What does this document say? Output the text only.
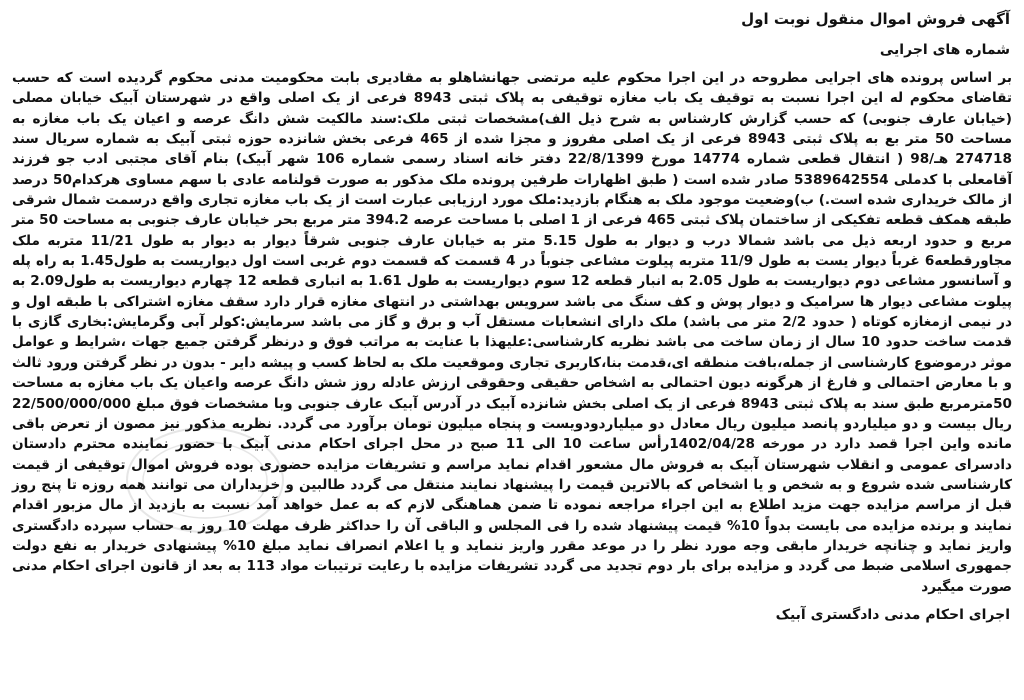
آگهی فروش اموال منقول نوبت اول
شماره های اجرایی
بر اساس پرونده های اجرایی مطروحه در این اجرا محکوم علیه مرتضی جهانشاهلو به مقادیری بابت محکومیت مدنی محکوم گردیده است که حسب تقاضای محکوم له این اجرا نسبت به توقیف یک باب مغازه توقیفی به پلاک ثبتی 8943 فرعی از یک اصلی واقع در شهرستان آبیک خیابان مصلی (خیابان عارف جنوبی) که حسب گزارش کارشناس به شرح ذیل الف)مشخصات ثبتی ملک:سند مالکیت شش دانگ عرصه و اعیان یک باب مغازه به مساحت 50 متر بع به پلاک ثبتی 8943 فرعی از یک اصلی مفروز و مجزا شده از 465 فرعی بخش شانزده حوزه ثبتی آبیک به شماره سریال سند 274718 هـ/98 ( انتقال قطعی شماره 14774 مورخ 22/8/1399 دفتر خانه اسناد رسمی شماره 106 شهر آبیک) بنام آقای مجتبی ادب جو فرزند آقامعلی با کدملی 5389642554 صادر شده است ( طبق اظهارات طرفین پرونده ملک مذکور به صورت قولنامه عادی با سهم مساوی هرکدام50 درصد از مالک خریداری شده است.) ب)وضعیت موجود ملک به هنگام بازدید:ملک مورد ارزیابی عبارت است از یک باب مغازه تجاری واقع درسمت شمال شرقی طبقه همکف قطعه تفکیکی از ساختمان پلاک ثبتی 465 فرعی از 1 اصلی با مساحت عرصه 394.2 متر مربع بحر خیابان عارف جنوبی به مساحت 50 متر مربع و حدود اربعه ذیل می باشد شمالا درب و دیوار به طول 5.15 متر به خیابان عارف جنوبی شرقاً دیوار به دیوار به طول 11/21 متربه ملک مجاورقطعه6 غرباً دیوار یست به طول 11/9 متربه پیلوت مشاعی جنوباً در 4 قسمت که قسمت دوم غربی است اول دیواریست به طول1.45 به راه پله و آسانسور مشاعی دوم دیواریست به طول 2.05 به انبار قطعه 12 سوم دیواریست به طول 1.61 به انباری قطعه 12 چهارم دیواریست به طول2.09 به پیلوت مشاعی دیوار ها سرامیک و دیوار پوش و کف سنگ می باشد سرویس بهداشتی در انتهای مغازه قرار دارد سقف مغازه اشتراکی با طبقه اول و در نیمی ازمغازه کوتاه ( حدود 2/2 متر می باشد) ملک دارای انشعابات مستقل آب و برق و گاز می باشد سرمایش:کولر آبی وگرمایش:بخاری گازی با قدمت ساخت حدود 10 سال از زمان ساخت می باشد نظریه کارشناسی:علیهذا با عنایت به مراتب فوق و درنظر گرفتن جمیع جهات ،شرایط و عوامل موثر درموضوع کارشناسی از جمله،بافت منطقه ای،قدمت بنا،کاربری تجاری وموقعیت ملک به لحاظ کسب و پیشه دایر - بدون در نظر گرفتن ورود ثالث و با معارض احتمالی و فارغ از هرگونه دیون احتمالی به اشخاص حقیقی وحقوقی ارزش عادله روز شش دانگ عرصه واعیان یک باب مغازه به مساحت 50مترمربع طبق سند به پلاک ثبتی 8943 فرعی از یک اصلی بخش شانزده آبیک در آدرس آبیک عارف جنوبی وبا مشخصات فوق مبلغ 22/500/000/000 ریال بیست و دو میلیاردو پانصد میلیون ریال معادل دو میلیاردودویست و پنجاه میلیون تومان برآورد می گردد. نظریه مذکور نیز مصون از تعرض باقی مانده واین اجرا قصد دارد در مورخه 1402/04/28رأس ساعت 10 الی 11 صبح در محل اجرای احکام مدنی آبیک با حضور نماینده محترم دادستان دادسرای عمومی و انقلاب شهرستان آبیک به فروش مال مشعور اقدام نماید مراسم و تشریفات مزایده حضوری بوده فروش اموال توقیفی از قیمت کارشناسی شده شروع و به شخص و یا اشخاص که بالاترین قیمت را پیشنهاد نمایند منتقل می گردد طالبین و خریداران می توانند همه روزه تا پنج روز قبل از مراسم مزایده جهت مزید اطلاع به این اجراء مراجعه نموده تا ضمن هماهنگی لازم که به عمل خواهد آمد نسبت به بازدید از مال مزبور اقدام نمایند و برنده مزایده می بایست بدواً 10% قیمت پیشنهاد شده را فی المجلس و الباقی آن را حداکثر ظرف مهلت 10 روز به حساب سپرده دادگستری واریز نماید و چنانچه خریدار مابقی وجه مورد نظر را در موعد مقرر واریز ننماید و یا اعلام انصراف نماید مبلغ 10% پیشنهادی خریدار به نفع دولت جمهوری اسلامی ضبط می گردد و مزایده برای بار دوم تجدید می گردد تشریفات مزایده با رعایت ترتیبات مواد 113 به بعد از قانون اجرای احکام مدنی صورت میگیرد
اجرای احکام مدنی دادگستری آبیک
